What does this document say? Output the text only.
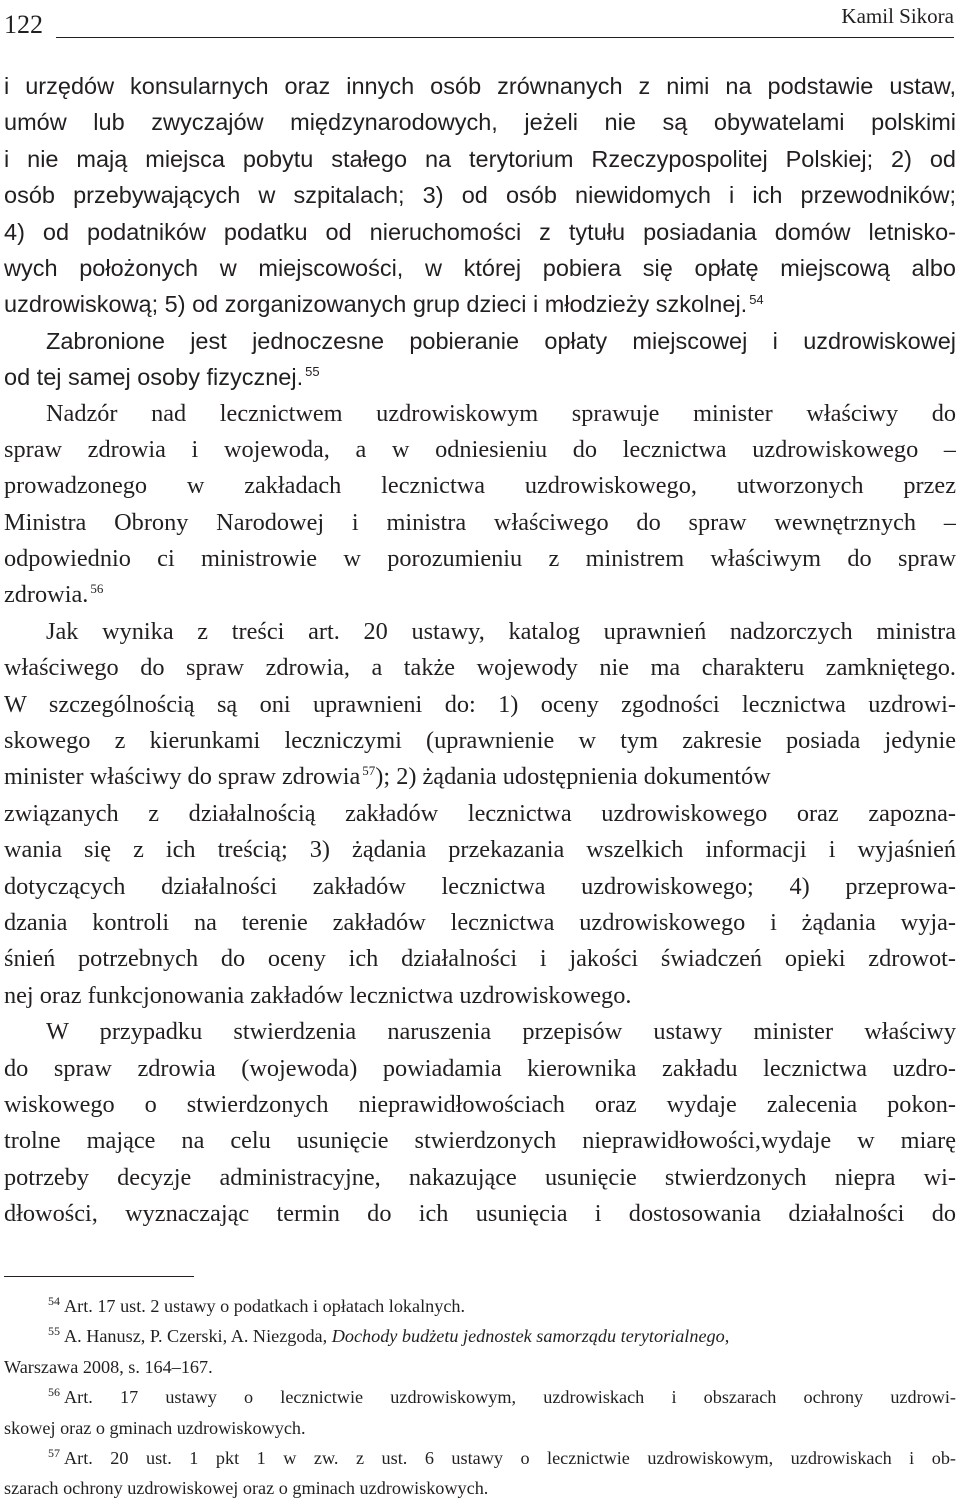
122	Kamil Sikora
i urzędów konsularnych oraz innych osób zrównanych z nimi na podstawie ustaw,
umów lub zwyczajów międzynarodowych, jeżeli nie są obywatelami polskimi
i nie mają miejsca pobytu stałego na terytorium Rzeczypospolitej Polskiej; 2) od
osób przebywających w szpitalach; 3) od osób niewidomych i ich przewodników;
4) od podatników podatku od nieruchomości z tytułu posiadania domów letnisko-
wych położonych w miejscowości, w której pobiera się opłatę miejscową albo
uzdrowiskową; 5) od zorganizowanych grup dzieci i młodzieży szkolnej. $^{54}$
Zabronione jest jednoczesne pobieranie opłaty miejscowej i uzdrowiskowej
od tej samej osoby fizycznej. $^{55}$
Nadzór nad lecznictwem uzdrowiskowym sprawuje minister właściwy do
spraw zdrowia i wojewoda, a w odniesieniu do lecznictwa uzdrowiskowego –
prowadzonego w zakładach lecznictwa uzdrowiskowego, utworzonych przez
Ministra Obrony Narodowej i ministra właściwego do spraw wewnętrznych –
odpowiednio ci ministrowie w porozumieniu z ministrem właściwym do spraw
zdrowia. $^{56}$
Jak wynika z treści art. 20 ustawy, katalog uprawnień nadzorczych ministra
właściwego do spraw zdrowia, a także wojewody nie ma charakteru zamkniętego.
W szczególnością są oni uprawnieni do: 1) oceny zgodności lecznictwa uzdrowi-
skowego z kierunkami leczniczymi (uprawnienie w tym zakresie posiada jedynie
minister właściwy do spraw zdrowia $^{57}$); 2) żądania udostępnienia dokumentów
związanych z działalnością zakładów lecznictwa uzdrowiskowego oraz zapozna-
wania się z ich treścią; 3) żądania przekazania wszelkich informacji i wyjaśnień
dotyczących działalności zakładów lecznictwa uzdrowiskowego; 4) przeprowa-
dzania kontroli na terenie zakładów lecznictwa uzdrowiskowego i żądania wyja-
śnień potrzebnych do oceny ich działalności i jakości świadczeń opieki zdrowot-
nej oraz funkcjonowania zakładów lecznictwa uzdrowiskowego.
W przypadku stwierdzenia naruszenia przepisów ustawy minister właściwy
do spraw zdrowia (wojewoda) powiadamia kierownika zakładu lecznictwa uzdro-
wiskowego o stwierdzonych nieprawidłowościach oraz wydaje zalecenia pokon-
trolne mające na celu usunięcie stwierdzonych nieprawidłowości,wydaje w miarę
potrzeby decyzje administracyjne, nakazujące usunięcie stwierdzonych niepra wi-
dłowości, wyznaczając termin do ich usunięcia i dostosowania działalności do
$^{54}$ Art. 17 ust. 2 ustawy o podatkach i opłatach lokalnych.
$^{55}$ A. Hanusz, P. Czerski, A. Niezgoda, Dochody budżetu jednostek samorządu terytorialnego,
Warszawa 2008, s. 164–167.
$^{56}$ Art. 17 ustawy o lecznictwie uzdrowiskowym, uzdrowiskach i obszarach ochrony uzdrowi-
skowej oraz o gminach uzdrowiskowych.
$^{57}$ Art. 20 ust. 1 pkt 1 w zw. z ust. 6 ustawy o lecznictwie uzdrowiskowym, uzdrowiskach i ob-
szarach ochrony uzdrowiskowej oraz o gminach uzdrowiskowych.
